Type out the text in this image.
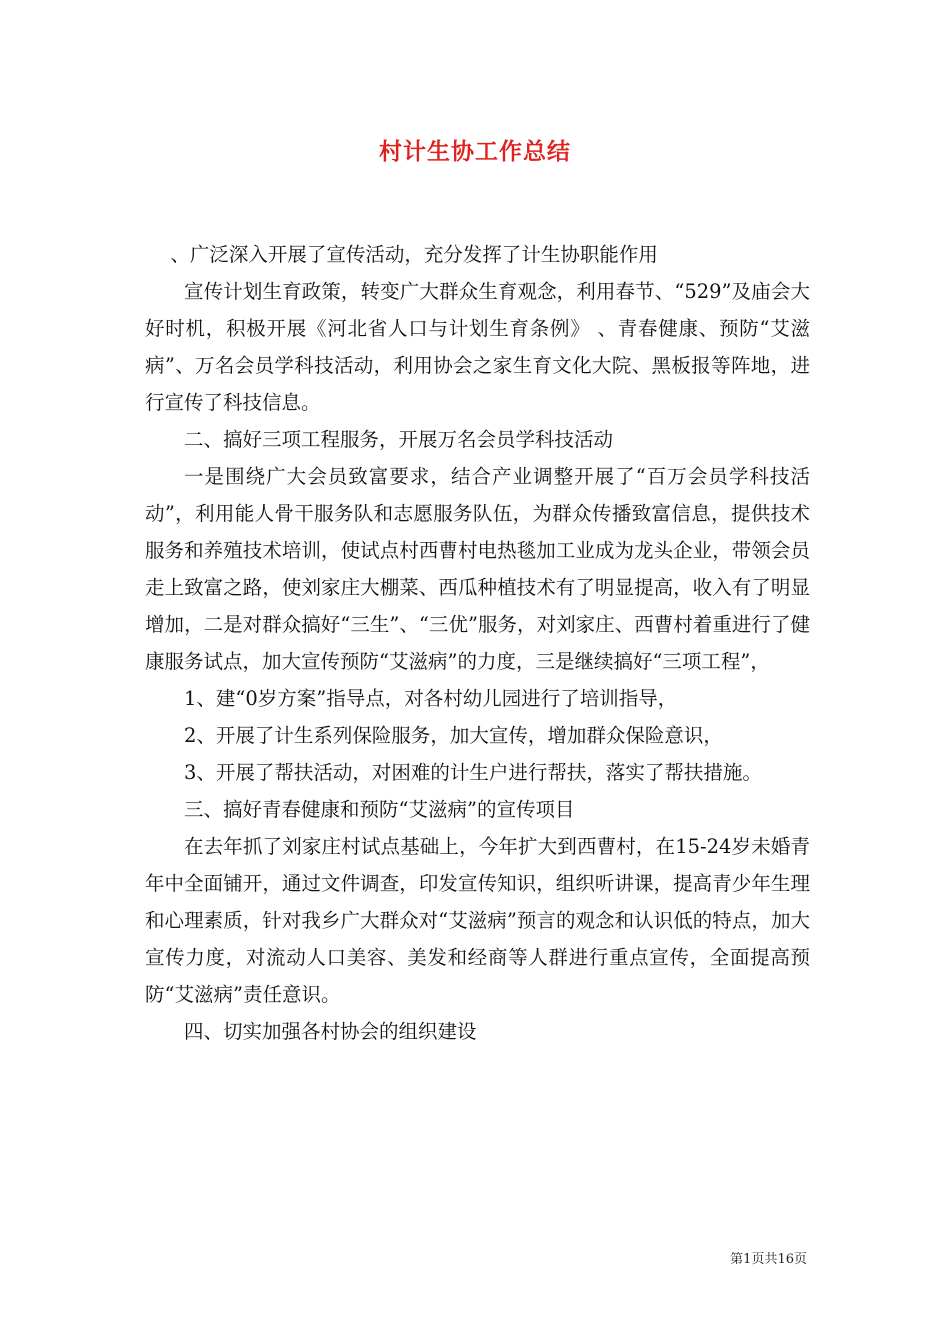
村计生协工作总结

、广泛深入开展了宣传活动，充分发挥了计生协职能作用

宣传计划生育政策，转变广大群众生育观念，利用春节、“529”及庙会大好时机，积极开展《河北省人口与计划生育条例》 、青春健康、预防“艾滋病”、万名会员学科技活动，利用协会之家生育文化大院、黑板报等阵地，进行宣传了科技信息。

二、搞好三项工程服务，开展万名会员学科技活动

一是围绕广大会员致富要求，结合产业调整开展了“百万会员学科技活动”，利用能人骨干服务队和志愿服务队伍，为群众传播致富信息，提供技术服务和养殖技术培训，使试点村西曹村电热毯加工业成为龙头企业，带领会员走上致富之路，使刘家庄大棚菜、西瓜种植技术有了明显提高，收入有了明显增加，二是对群众搞好“三生”、“三优”服务，对刘家庄、西曹村着重进行了健康服务试点，加大宣传预防“艾滋病”的力度，三是继续搞好“三项工程”，

1、建“0岁方案”指导点，对各村幼儿园进行了培训指导，

2、开展了计生系列保险服务，加大宣传，增加群众保险意识，

3、开展了帮扶活动，对困难的计生户进行帮扶，落实了帮扶措施。

三、搞好青春健康和预防“艾滋病”的宣传项目

在去年抓了刘家庄村试点基础上，今年扩大到西曹村，在15-24岁未婚青年中全面铺开，通过文件调查，印发宣传知识，组织听讲课，提高青少年生理和心理素质，针对我乡广大群众对“艾滋病”预言的观念和认识低的特点，加大宣传力度，对流动人口美容、美发和经商等人群进行重点宣传，全面提高预防“艾滋病”责任意识。

四、切实加强各村协会的组织建设

第1页共16页
